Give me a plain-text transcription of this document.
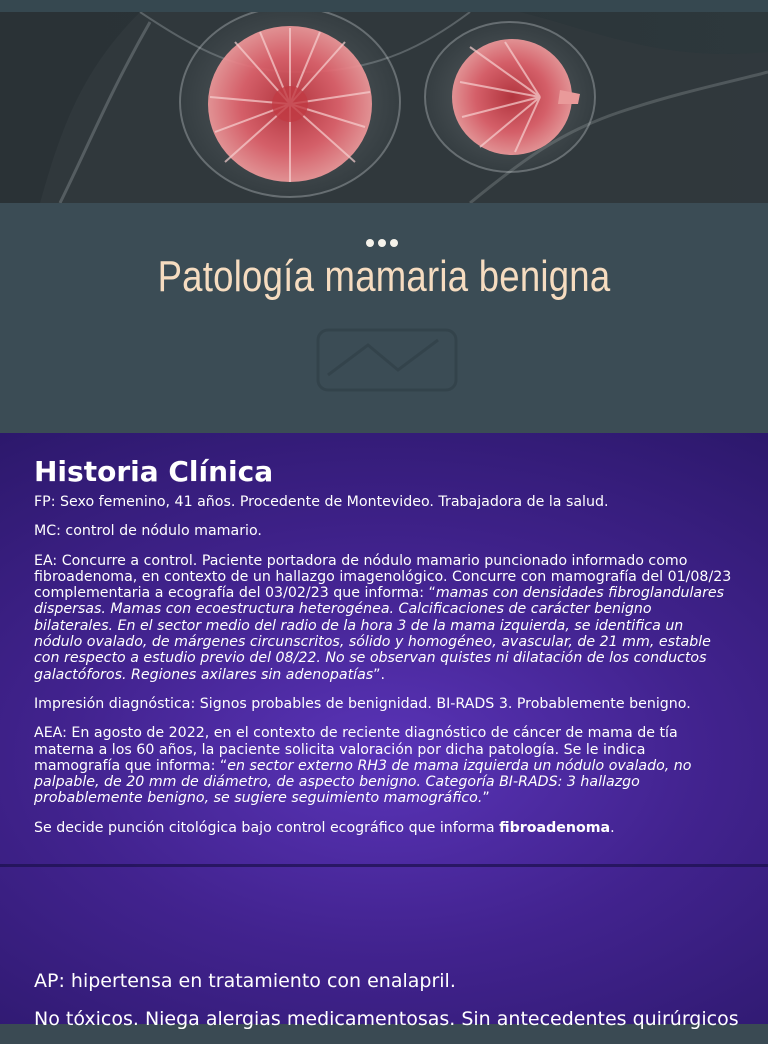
Patología mamaria benigna
Historia Clínica

FP: Sexo femenino, 41 años. Procedente de Montevideo. Trabajadora de la salud.

MC: control de nódulo mamario.

EA: Concurre a control. Paciente portadora de nódulo mamario puncionado informado como fibroadenoma, en contexto de un hallazgo imagenológico. Concurre con mamografía del 01/08/23 complementaria a ecografía del 03/02/23 que informa: “mamas con densidades fibroglandulares dispersas. Mamas con ecoestructura heterogénea. Calcificaciones de carácter benigno bilaterales. En el sector medio del radio de la hora 3 de la mama izquierda, se identifica un nódulo ovalado, de márgenes circunscritos, sólido y homogéneo, avascular, de 21 mm, estable con respecto a estudio previo del 08/22. No se observan quistes ni dilatación de los conductos galactóforos. Regiones axilares sin adenopatías”.

Impresión diagnóstica: Signos probables de benignidad. BI-RADS 3. Probablemente benigno.

AEA: En agosto de 2022, en el contexto de reciente diagnóstico de cáncer de mama de tía materna a los 60 años, la paciente solicita valoración por dicha patología. Se le indica mamografía que informa: “en sector externo RH3 de mama izquierda un nódulo ovalado, no palpable, de 20 mm de diámetro, de aspecto benigno. Categoría BI-RADS: 3 hallazgo probablemente benigno, se sugiere seguimiento mamográfico.”

Se decide punción citológica bajo control ecográfico que informa fibroadenoma.

AP: hipertensa en tratamiento con enalapril.
No tóxicos. Niega alergias medicamentosas. Sin antecedentes quirúrgicos
